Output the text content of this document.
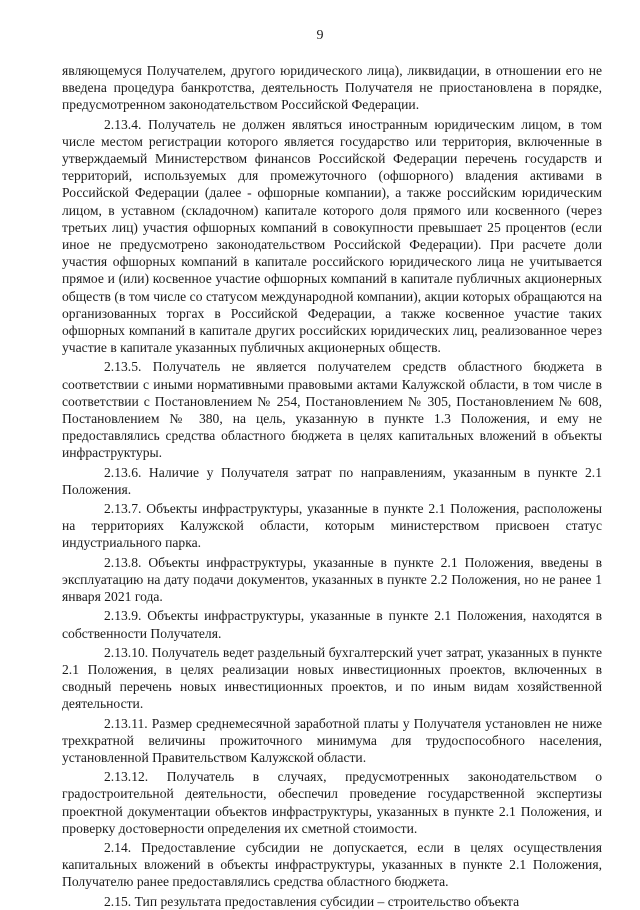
9

являющемуся Получателем, другого юридического лица), ликвидации, в отношении его не введена процедура банкротства, деятельность Получателя не приостановлена в порядке, предусмотренном законодательством Российской Федерации.

2.13.4. Получатель не должен являться иностранным юридическим лицом, в том числе местом регистрации которого является государство или территория, включенные в утверждаемый Министерством финансов Российской Федерации перечень государств и территорий, используемых для промежуточного (офшорного) владения активами в Российской Федерации (далее - офшорные компании), а также российским юридическим лицом, в уставном (складочном) капитале которого доля прямого или косвенного (через третьих лиц) участия офшорных компаний в совокупности превышает 25 процентов (если иное не предусмотрено законодательством Российской Федерации). При расчете доли участия офшорных компаний в капитале российского юридического лица не учитывается прямое и (или) косвенное участие офшорных компаний в капитале публичных акционерных обществ (в том числе со статусом международной компании), акции которых обращаются на организованных торгах в Российской Федерации, а также косвенное участие таких офшорных компаний в капитале других российских юридических лиц, реализованное через участие в капитале указанных публичных акционерных обществ.

2.13.5. Получатель не является получателем средств областного бюджета в соответствии с иными нормативными правовыми актами Калужской области, в том числе в соответствии с Постановлением № 254, Постановлением № 305, Постановлением № 608, Постановлением № 380, на цель, указанную в пункте 1.3 Положения, и ему не предоставлялись средства областного бюджета в целях капитальных вложений в объекты инфраструктуры.

2.13.6. Наличие у Получателя затрат по направлениям, указанным в пункте 2.1 Положения.

2.13.7. Объекты инфраструктуры, указанные в пункте 2.1 Положения, расположены на территориях Калужской области, которым министерством присвоен статус индустриального парка.

2.13.8. Объекты инфраструктуры, указанные в пункте 2.1 Положения, введены в эксплуатацию на дату подачи документов, указанных в пункте 2.2 Положения, но не ранее 1 января 2021 года.

2.13.9. Объекты инфраструктуры, указанные в пункте 2.1 Положения, находятся в собственности Получателя.

2.13.10. Получатель ведет раздельный бухгалтерский учет затрат, указанных в пункте 2.1 Положения, в целях реализации новых инвестиционных проектов, включенных в сводный перечень новых инвестиционных проектов, и по иным видам хозяйственной деятельности.

2.13.11. Размер среднемесячной заработной платы у Получателя установлен не ниже трехкратной величины прожиточного минимума для трудоспособного населения, установленной Правительством Калужской области.

2.13.12. Получатель в случаях, предусмотренных законодательством о градостроительной деятельности, обеспечил проведение государственной экспертизы проектной документации объектов инфраструктуры, указанных в пункте 2.1 Положения, и проверку достоверности определения их сметной стоимости.

2.14. Предоставление субсидии не допускается, если в целях осуществления капитальных вложений в объекты инфраструктуры, указанных в пункте 2.1 Положения, Получателю ранее предоставлялись средства областного бюджета.

2.15. Тип результата предоставления субсидии – строительство объекта
